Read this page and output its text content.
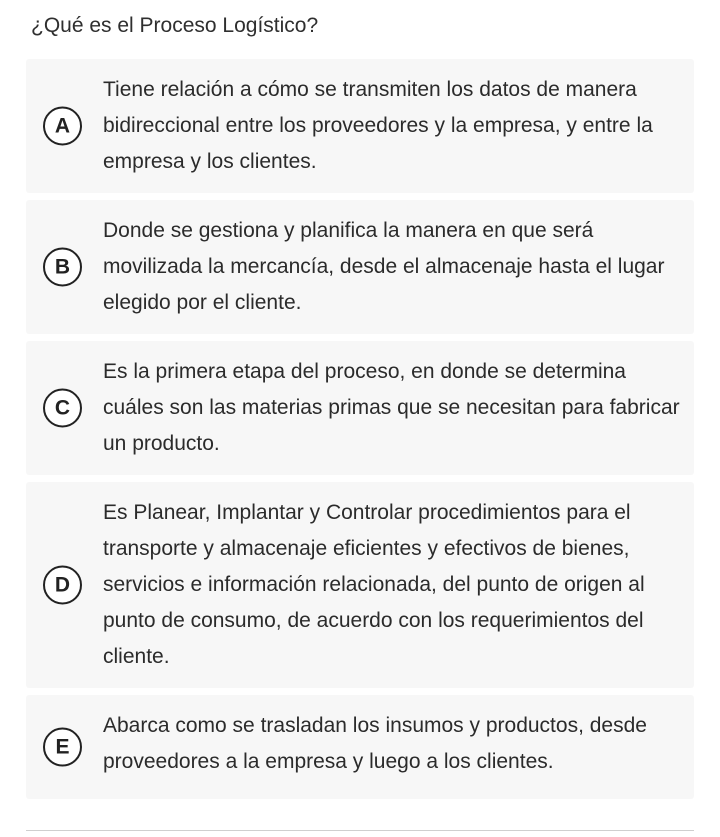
¿Qué es el Proceso Logístico?
A
Tiene relación a cómo se transmiten los datos de manera bidireccional entre los proveedores y la empresa, y entre la empresa y los clientes.
B
Donde se gestiona y planifica la manera en que será movilizada la mercancía, desde el almacenaje hasta el lugar elegido por el cliente.
C
Es la primera etapa del proceso, en donde se determina cuáles son las materias primas que se necesitan para fabricar un producto.
D
Es Planear, Implantar y Controlar procedimientos para el transporte y almacenaje eficientes y efectivos de bienes, servicios e información relacionada, del punto de origen al punto de consumo, de acuerdo con los requerimientos del cliente.
E
Abarca como se trasladan los insumos y productos, desde proveedores a la empresa y luego a los clientes.
